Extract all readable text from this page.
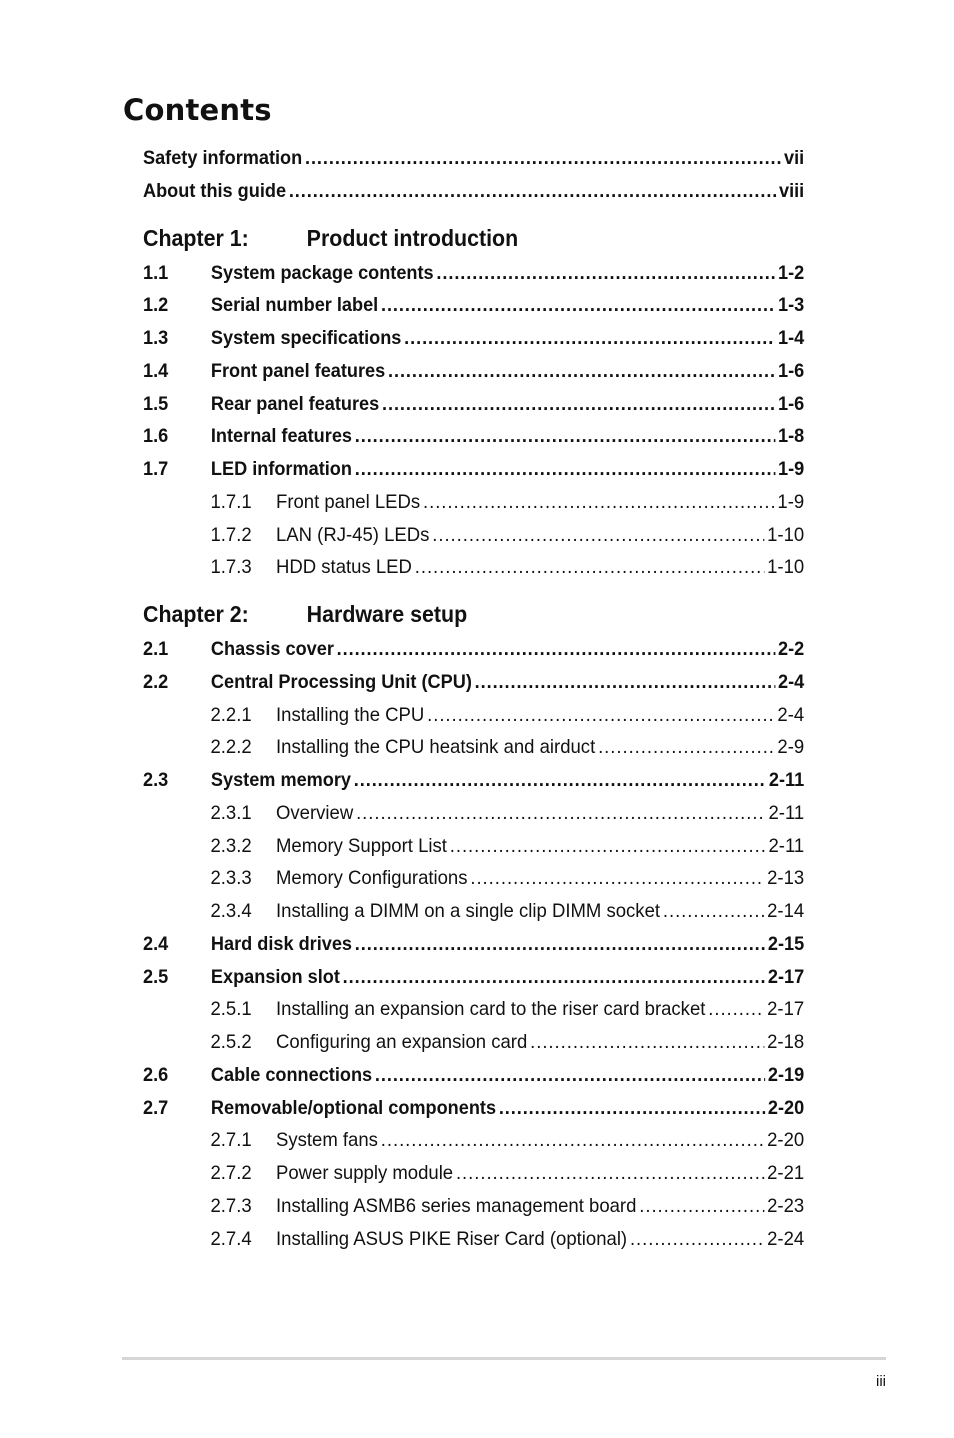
Contents
Safety information .....	vii
About this guide .....	viii
Chapter 1:	Product introduction
1.1	System package contents .....	1-2
1.2	Serial number label .....	1-3
1.3	System specifications .....	1-4
1.4	Front panel features .....	1-6
1.5	Rear panel features .....	1-6
1.6	Internal features .....	1-8
1.7	LED information .....	1-9
1.7.1	Front panel LEDs .....	1-9
1.7.2	LAN (RJ-45) LEDs .....	1-10
1.7.3	HDD status LED .....	1-10
Chapter 2:	Hardware setup
2.1	Chassis cover .....	2-2
2.2	Central Processing Unit (CPU) .....	2-4
2.2.1	Installing the CPU .....	2-4
2.2.2	Installing the CPU heatsink and airduct .....	2-9
2.3	System memory .....	2-11
2.3.1	Overview .....	2-11
2.3.2	Memory Support List .....	2-11
2.3.3	Memory Configurations .....	2-13
2.3.4	Installing a DIMM on a single clip DIMM socket .....	2-14
2.4	Hard disk drives .....	2-15
2.5	Expansion slot .....	2-17
2.5.1	Installing an expansion card to the riser card bracket .....	2-17
2.5.2	Configuring an expansion card .....	2-18
2.6	Cable connections .....	2-19
2.7	Removable/optional components .....	2-20
2.7.1	System fans .....	2-20
2.7.2	Power supply module .....	2-21
2.7.3	Installing ASMB6 series management board .....	2-23
2.7.4	Installing ASUS PIKE Riser Card (optional) .....	2-24
iii
